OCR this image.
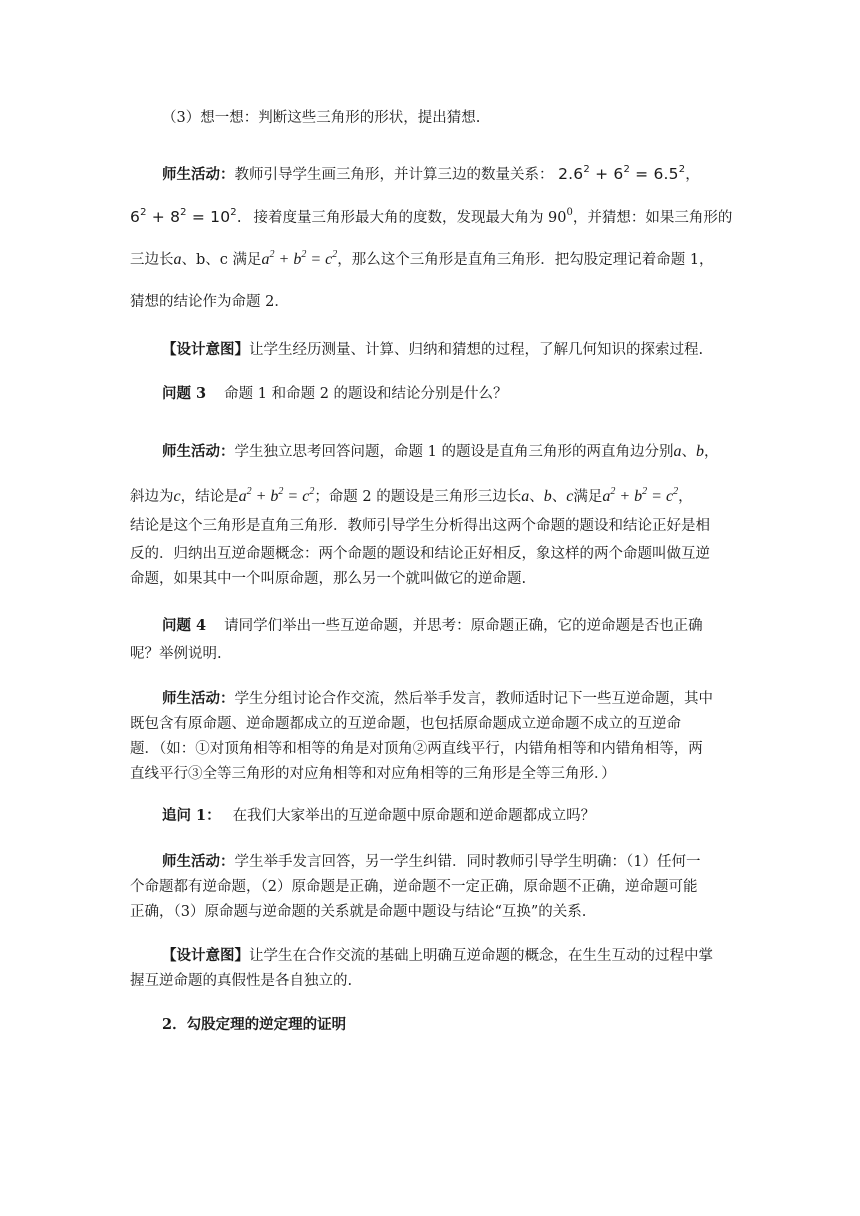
（3）想一想：判断这些三角形的形状，提出猜想.
师生活动：教师引导学生画三角形，并计算三边的数量关系： $2.6^2 + 6^2 = 6.5^2$，
$6^2 + 8^2 = 10^2$. 接着度量三角形最大角的度数，发现最大角为 $90^0$，并猜想：如果三角形的
三边长a、b、c 满足$a^2 + b^2 = c^2$，那么这个三角形是直角三角形．把勾股定理记着命题 1，
猜想的结论作为命题 2．
【设计意图】让学生经历测量、计算、归纳和猜想的过程，了解几何知识的探索过程.
问题 3 命题 1 和命题 2 的题设和结论分别是什么？
师生活动：学生独立思考回答问题，命题 1 的题设是直角三角形的两直角边分别a、b，
斜边为c，结论是$a^2 + b^2 = c^2$；命题 2 的题设是三角形三边长a、b、c满足$a^2 + b^2 = c^2$，
结论是这个三角形是直角三角形．教师引导学生分析得出这两个命题的题设和结论正好是相
反的．归纳出互逆命题概念：两个命题的题设和结论正好相反，象这样的两个命题叫做互逆
命题，如果其中一个叫原命题，那么另一个就叫做它的逆命题.
问题 4 请同学们举出一些互逆命题，并思考：原命题正确，它的逆命题是否也正确
呢？举例说明.
师生活动：学生分组讨论合作交流，然后举手发言，教师适时记下一些互逆命题，其中
既包含有原命题、逆命题都成立的互逆命题，也包括原命题成立逆命题不成立的互逆命
题．（如：①对顶角相等和相等的角是对顶角②两直线平行，内错角相等和内错角相等，两
直线平行③全等三角形的对应角相等和对应角相等的三角形是全等三角形．）
追问 1： 在我们大家举出的互逆命题中原命题和逆命题都成立吗？
师生活动：学生举手发言回答，另一学生纠错．同时教师引导学生明确：（1）任何一
个命题都有逆命题，（2）原命题是正确，逆命题不一定正确，原命题不正确，逆命题可能
正确，（3）原命题与逆命题的关系就是命题中题设与结论“互换”的关系.
【设计意图】让学生在合作交流的基础上明确互逆命题的概念，在生生互动的过程中掌
握互逆命题的真假性是各自独立的.
2．勾股定理的逆定理的证明
